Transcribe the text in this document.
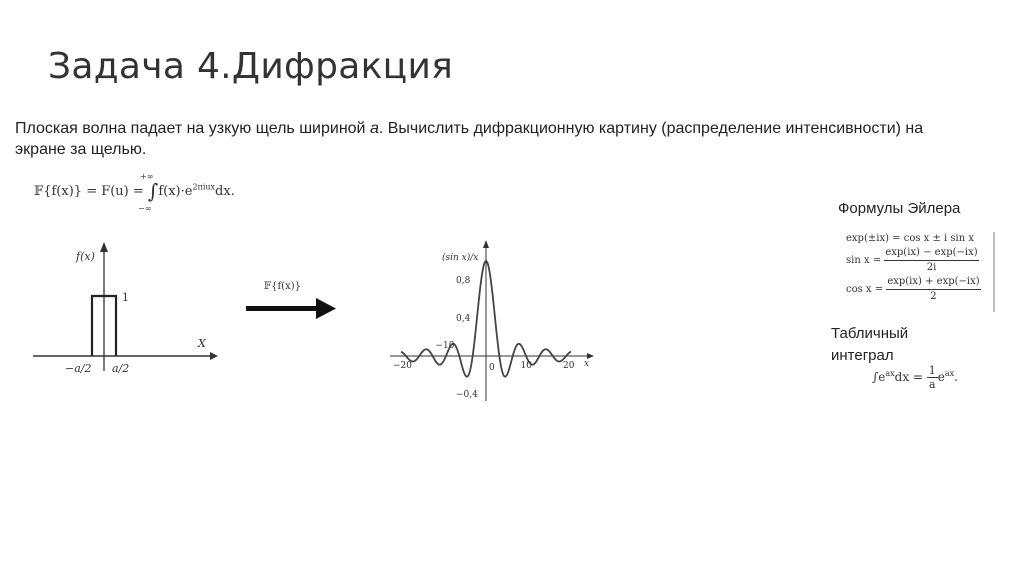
Задача 4.Дифракция
Плоская волна падает на узкую щель шириной a. Вычислить дифракционную картину (распределение интенсивности) на экране за щелью.
𝔽{f(x)} = $F(u) = \int f(x)\cdot e^{2\pi iux}dx$.
+∞
−∞
f(x)
X
1
−a/2 a/2
𝔽{f(x)}
(sin x)/x
x
−20
−10
0	10	20
0,8
0,4
−0,4
Формулы Эйлера
exp(±ix) = cos x ± i sin x
$\sin x = \frac{\exp(ix) - \exp(-ix)}{2i}$
$\cos x = \frac{\exp(ix) + \exp(-ix)}{2}$
Табличный
интеграл
$\int e^{ax}dx = \frac{1}{a} e^{ax}$.
